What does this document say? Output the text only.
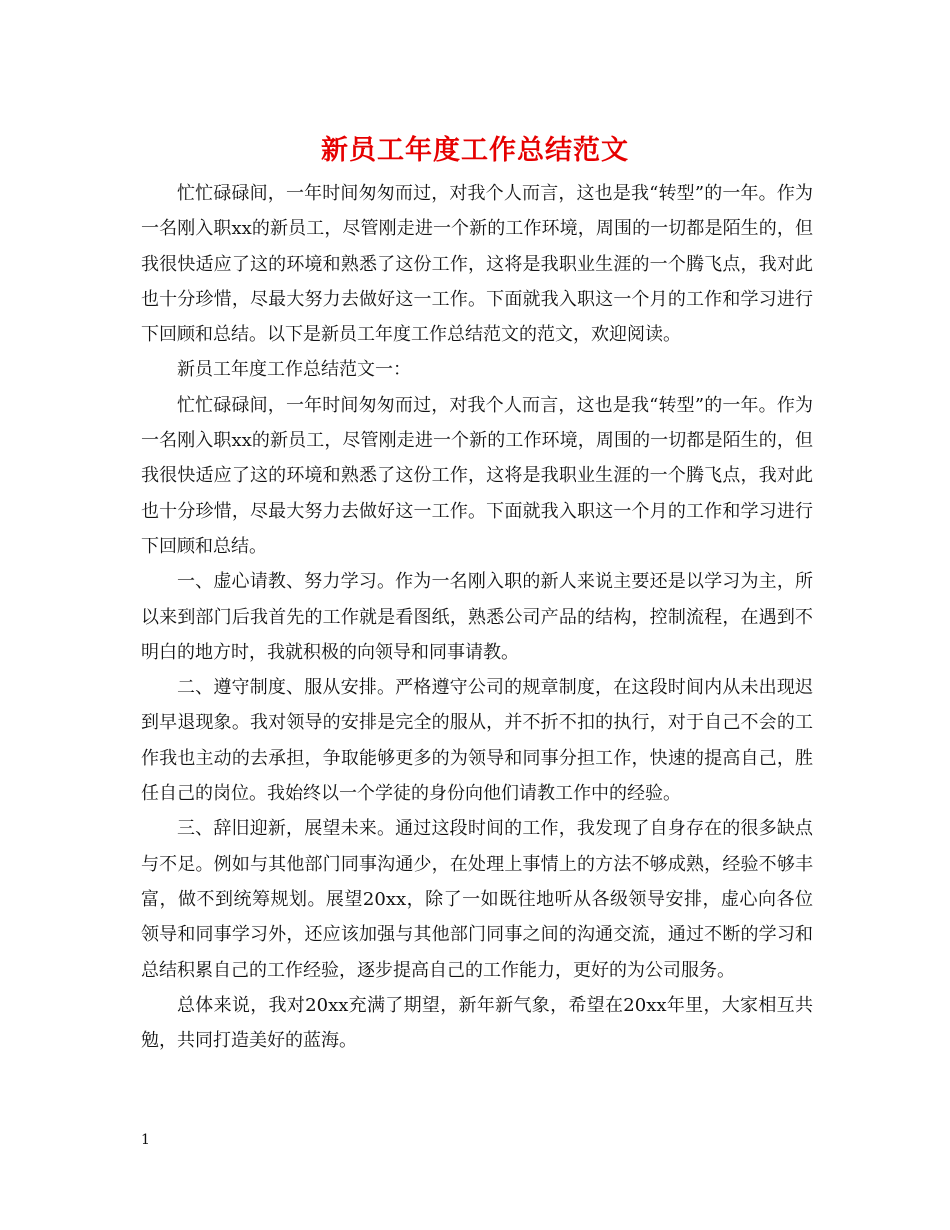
新员工年度工作总结范文

忙忙碌碌间，一年时间匆匆而过，对我个人而言，这也是我“转型”的一年。作为一名刚入职xx的新员工，尽管刚走进一个新的工作环境，周围的一切都是陌生的，但我很快适应了这的环境和熟悉了这份工作，这将是我职业生涯的一个腾飞点，我对此也十分珍惜，尽最大努力去做好这一工作。下面就我入职这一个月的工作和学习进行下回顾和总结。以下是新员工年度工作总结范文的范文，欢迎阅读。

新员工年度工作总结范文一：

忙忙碌碌间，一年时间匆匆而过，对我个人而言，这也是我“转型”的一年。作为一名刚入职xx的新员工，尽管刚走进一个新的工作环境，周围的一切都是陌生的，但我很快适应了这的环境和熟悉了这份工作，这将是我职业生涯的一个腾飞点，我对此也十分珍惜，尽最大努力去做好这一工作。下面就我入职这一个月的工作和学习进行下回顾和总结。

一、虚心请教、努力学习。作为一名刚入职的新人来说主要还是以学习为主，所以来到部门后我首先的工作就是看图纸，熟悉公司产品的结构，控制流程，在遇到不明白的地方时，我就积极的向领导和同事请教。

二、遵守制度、服从安排。严格遵守公司的规章制度，在这段时间内从未出现迟到早退现象。我对领导的安排是完全的服从，并不折不扣的执行，对于自己不会的工作我也主动的去承担，争取能够更多的为领导和同事分担工作，快速的提高自己，胜任自己的岗位。我始终以一个学徒的身份向他们请教工作中的经验。

三、辞旧迎新，展望未来。通过这段时间的工作，我发现了自身存在的很多缺点与不足。例如与其他部门同事沟通少，在处理上事情上的方法不够成熟，经验不够丰富，做不到统筹规划。展望20xx，除了一如既往地听从各级领导安排，虚心向各位领导和同事学习外，还应该加强与其他部门同事之间的沟通交流，通过不断的学习和总结积累自己的工作经验，逐步提高自己的工作能力，更好的为公司服务。

总体来说，我对20xx充满了期望，新年新气象，希望在20xx年里，大家相互共勉，共同打造美好的蓝海。

1
